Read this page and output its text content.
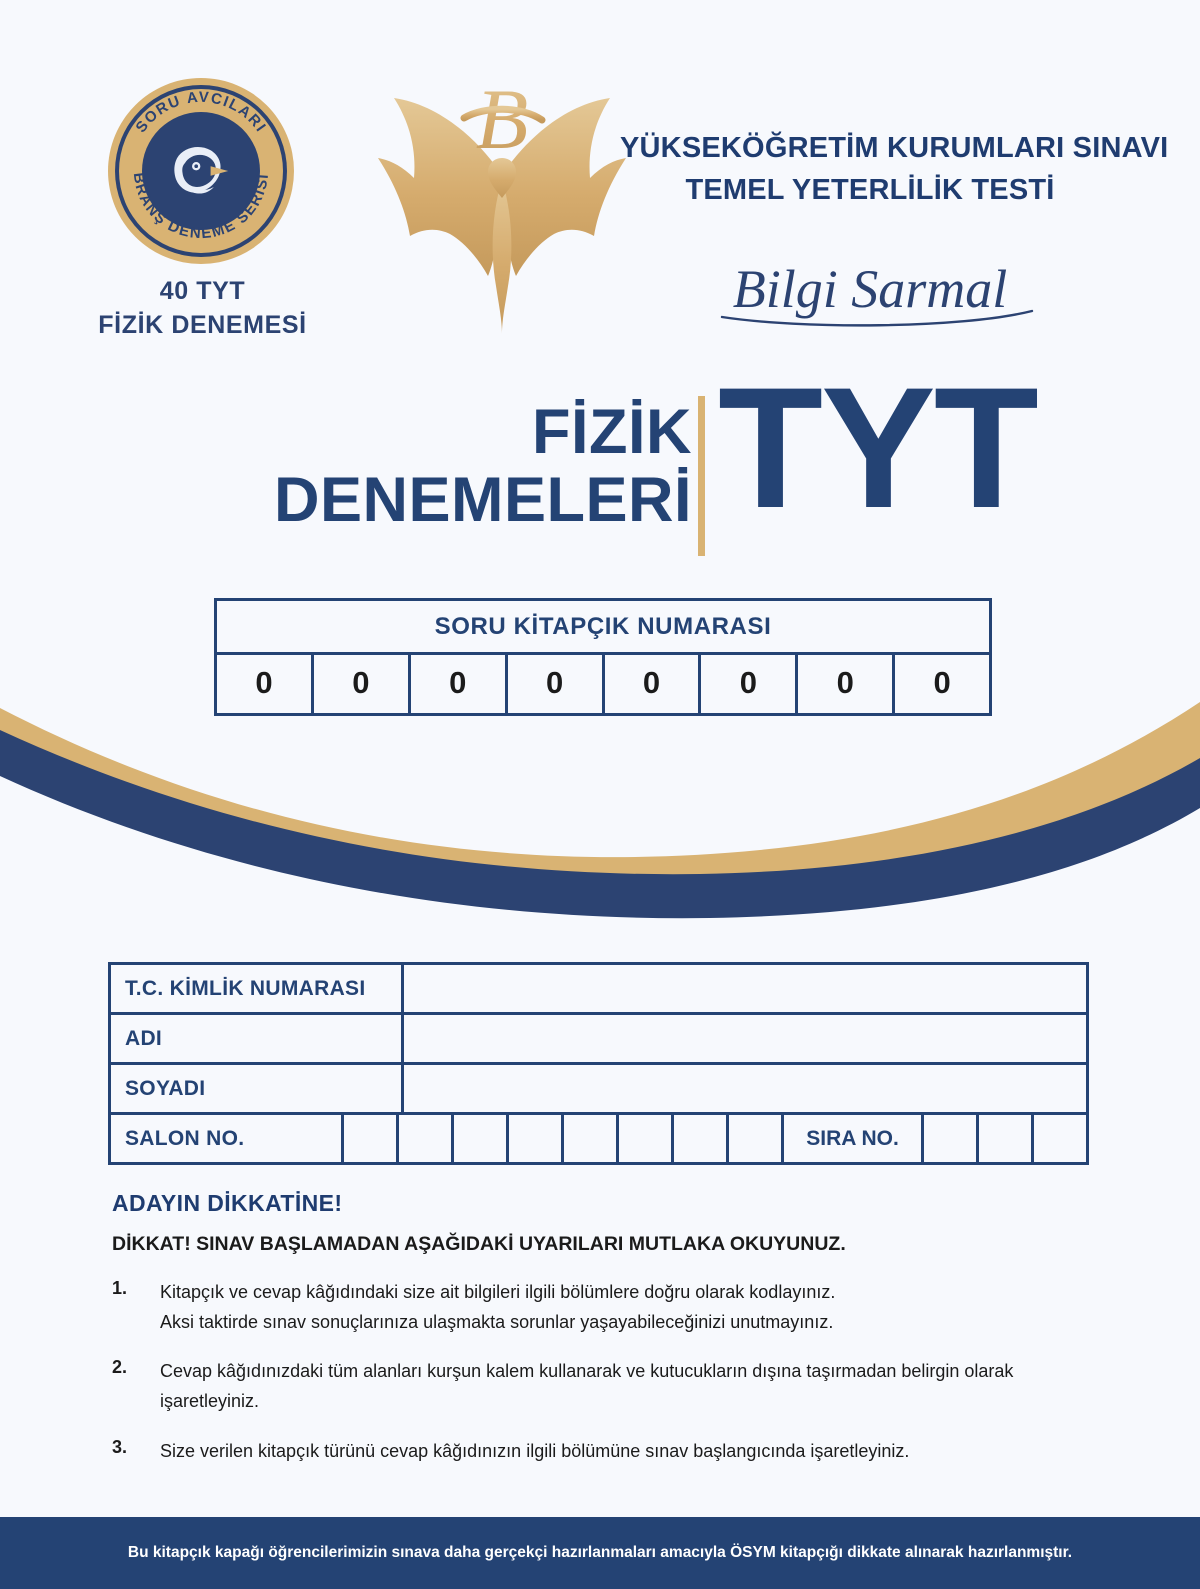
SORU AVCILARI
BRANŞ DENEME SERİSİ
40 TYT
FİZİK DENEMESİ
B	YÜKSEKÖĞRETİM KURUMLARI SINAVI
TEMEL YETERLİLİK TESTİ
Bilgi Sarmal
FİZİK
DENEMELERİ TYT
SORU KİTAPÇIK NUMARASI
0	0	0	0	0	0	0	0
T.C. KİMLİK NUMARASI
ADI
SOYADI
SALON NO.	SIRA NO.
ADAYIN DİKKATİNE!
DİKKAT! SINAV BAŞLAMADAN AŞAĞIDAKİ UYARILARI MUTLAKA OKUYUNUZ.
1.	Kitapçık ve cevap kâğıdındaki size ait bilgileri ilgili bölümlere doğru olarak kodlayınız.
Aksi taktirde sınav sonuçlarınıza ulaşmakta sorunlar yaşayabileceğinizi unutmayınız.
2.	Cevap kâğıdınızdaki tüm alanları kurşun kalem kullanarak ve kutucukların dışına taşırmadan belirgin olarak
işaretleyiniz.
3.	Size verilen kitapçık türünü cevap kâğıdınızın ilgili bölümüne sınav başlangıcında işaretleyiniz.
Bu kitapçık kapağı öğrencilerimizin sınava daha gerçekçi hazırlanmaları amacıyla ÖSYM kitapçığı dikkate alınarak hazırlanmıştır.
